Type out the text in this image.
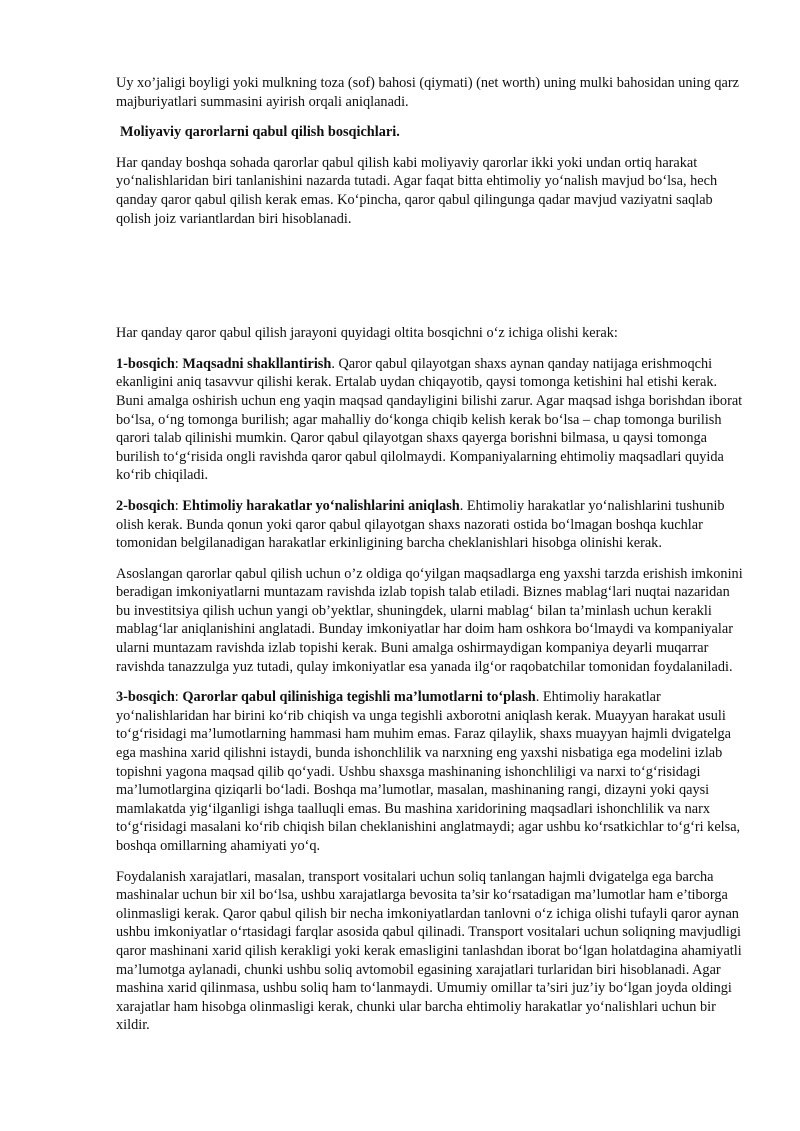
Uy xo’jaligi boyligi yoki mulkning toza (sof) bahosi (qiymati) (net worth) uning mulki bahosidan uning qarz majburiyatlari summasini ayirish orqali aniqlanadi.

Moliyaviy qarorlarni qabul qilish bosqichlari.

Har qanday boshqa sohada qarorlar qabul qilish kabi moliyaviy qarorlar ikki yoki undan ortiq harakat yo‘nalishlaridan biri tanlanishini nazarda tutadi. Agar faqat bitta ehtimoliy yo‘nalish mavjud bo‘lsa, hech qanday qaror qabul qilish kerak emas. Ko‘pincha, qaror qabul qilingunga qadar mavjud vaziyatni saqlab qolish joiz variantlardan biri hisoblanadi.

Har qanday qaror qabul qilish jarayoni quyidagi oltita bosqichni o‘z ichiga olishi kerak:

1-bosqich: Maqsadni shakllantirish. Qaror qabul qilayotgan shaxs aynan qanday natijaga erishmoqchi ekanligini aniq tasavvur qilishi kerak. Ertalab uydan chiqayotib, qaysi tomonga ketishini hal etishi kerak. Buni amalga oshirish uchun eng yaqin maqsad qandayligini bilishi zarur. Agar maqsad ishga borishdan iborat bo‘lsa, o‘ng tomonga burilish; agar mahalliy do‘konga chiqib kelish kerak bo‘lsa – chap tomonga burilish qarori talab qilinishi mumkin. Qaror qabul qilayotgan shaxs qayerga borishni bilmasa, u qaysi tomonga burilish to‘g‘risida ongli ravishda qaror qabul qilolmaydi. Kompaniyalarning ehtimoliy maqsadlari quyida ko‘rib chiqiladi.

2-bosqich: Ehtimoliy harakatlar yo‘nalishlarini aniqlash. Ehtimoliy harakatlar yo‘nalishlarini tushunib olish kerak. Bunda qonun yoki qaror qabul qilayotgan shaxs nazorati ostida bo‘lmagan boshqa kuchlar tomonidan belgilanadigan harakatlar erkinligining barcha cheklanishlari hisobga olinishi kerak.

Asoslangan qarorlar qabul qilish uchun o’z oldiga qo‘yilgan maqsadlarga eng yaxshi tarzda erishish imkonini beradigan imkoniyatlarni muntazam ravishda izlab topish talab etiladi. Biznes mablag‘lari nuqtai nazaridan bu investitsiya qilish uchun yangi ob’yektlar, shuningdek, ularni mablag‘ bilan ta’minlash uchun kerakli mablag‘lar aniqlanishini anglatadi. Bunday imkoniyatlar har doim ham oshkora bo‘lmaydi va kompaniyalar ularni muntazam ravishda izlab topishi kerak. Buni amalga oshirmaydigan kompaniya deyarli muqarrar ravishda tanazzulga yuz tutadi, qulay imkoniyatlar esa yanada ilg‘or raqobatchilar tomonidan foydalaniladi.

3-bosqich: Qarorlar qabul qilinishiga tegishli ma’lumotlarni to‘plash. Ehtimoliy harakatlar yo‘nalishlaridan har birini ko‘rib chiqish va unga tegishli axborotni aniqlash kerak. Muayyan harakat usuli to‘g‘risidagi ma’lumotlarning hammasi ham muhim emas. Faraz qilaylik, shaxs muayyan hajmli dvigatelga ega mashina xarid qilishni istaydi, bunda ishonchlilik va narxning eng yaxshi nisbatiga ega modelini izlab topishni yagona maqsad qilib qo‘yadi. Ushbu shaxsga mashinaning ishonchliligi va narxi to‘g‘risidagi ma’lumotlargina qiziqarli bo‘ladi. Boshqa ma’lumotlar, masalan, mashinaning rangi, dizayni yoki qaysi mamlakatda yig‘ilganligi ishga taalluqli emas. Bu mashina xaridorining maqsadlari ishonchlilik va narx to‘g‘risidagi masalani ko‘rib chiqish bilan cheklanishini anglatmaydi; agar ushbu ko‘rsatkichlar to‘g‘ri kelsa, boshqa omillarning ahamiyati yo‘q.

Foydalanish xarajatlari, masalan, transport vositalari uchun soliq tanlangan hajmli dvigatelga ega barcha mashinalar uchun bir xil bo‘lsa, ushbu xarajatlarga bevosita ta’sir ko‘rsatadigan ma’lumotlar ham e’tiborga olinmasligi kerak. Qaror qabul qilish bir necha imkoniyatlardan tanlovni o‘z ichiga olishi tufayli qaror aynan ushbu imkoniyatlar o‘rtasidagi farqlar asosida qabul qilinadi. Transport vositalari uchun soliqning mavjudligi qaror mashinani xarid qilish kerakligi yoki kerak emasligini tanlashdan iborat bo‘lgan holatdagina ahamiyatli ma’lumotga aylanadi, chunki ushbu soliq avtomobil egasining xarajatlari turlaridan biri hisoblanadi. Agar mashina xarid qilinmasa, ushbu soliq ham to‘lanmaydi. Umumiy omillar ta’siri juz’iy bo‘lgan joyda oldingi xarajatlar ham hisobga olinmasligi kerak, chunki ular barcha ehtimoliy harakatlar yo‘nalishlari uchun bir xildir.
